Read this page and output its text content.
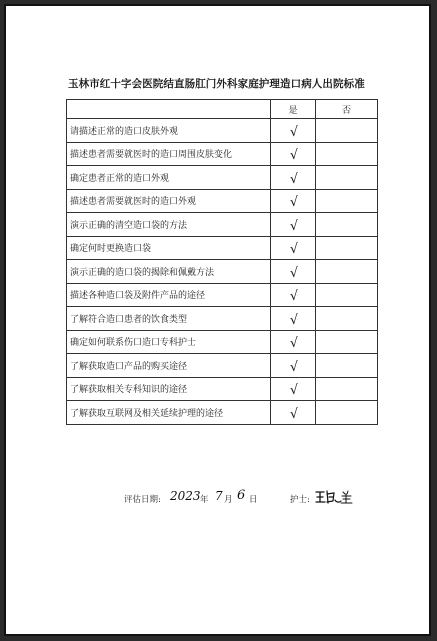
玉林市红十字会医院结直肠肛门外科家庭护理造口病人出院标准
	是	否
请描述正常的造口皮肤外观	√	
描述患者需要就医时的造口周围皮肤变化	√	
确定患者正常的造口外观	√	
描述患者需要就医时的造口外观	√	
演示正确的清空造口袋的方法	√	
确定何时更换造口袋	√	
演示正确的造口袋的揭除和佩戴方法	√	
描述各种造口袋及附件产品的途径	√	
了解符合造口患者的饮食类型	√	
确定如何联系伤口造口专科护士	√	
了解获取造口产品的购买途径	√	
了解获取相关专科知识的途径	√	
了解获取互联网及相关延续护理的途径	√	
评估日期: 2023 年 7 月 6 日	护士:
